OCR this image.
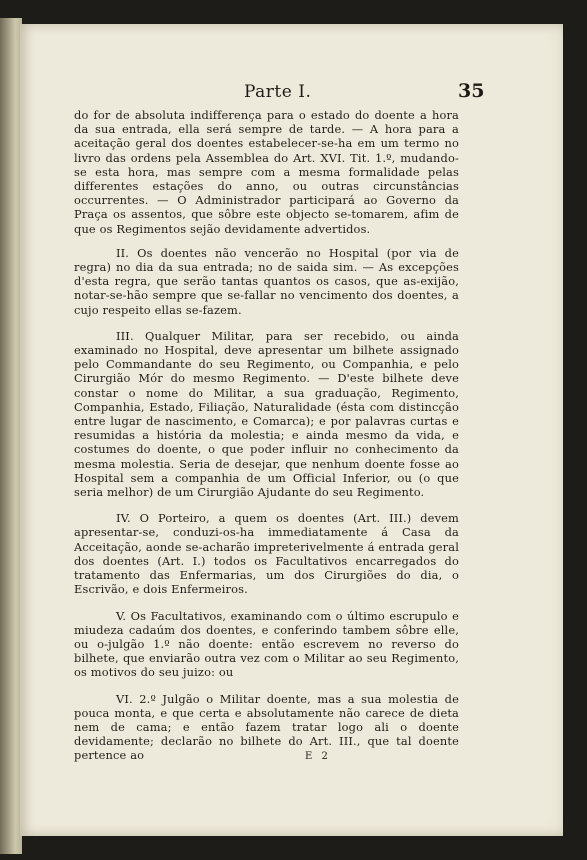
Parte I.	35

do for de absoluta indifferença para o estado do doente a hora da sua entrada, ella será sempre de tarde. — A hora para a aceitação geral dos doentes estabelecer-se-ha em um termo no livro das ordens pela Assemblea do Art. XVI. Tit. 1.º, mudando-se esta hora, mas sempre com a mesma formalidade pelas differentes estações do anno, ou outras circunstâncias occurrentes. — O Administrador participará ao Governo da Praça os assentos, que sôbre este objecto se-tomarem, afim de que os Regimentos sejão devidamente advertidos.

II. Os doentes não vencerão no Hospital (por via de regra) no dia da sua entrada; no de saida sim. — As excepções d'esta regra, que serão tantas quantos os casos, que as-exijão, notar-se-hão sempre que se-fallar no vencimento dos doentes, a cujo respeito ellas se-fazem.

III. Qualquer Militar, para ser recebido, ou ainda examinado no Hospital, deve apresentar um bilhete assignado pelo Commandante do seu Regimento, ou Companhia, e pelo Cirurgião Mór do mesmo Regimento. — D'este bilhete deve constar o nome do Militar, a sua graduação, Regimento, Companhia, Estado, Filiação, Naturalidade (ésta com distincção entre lugar de nascimento, e Comarca); e por palavras curtas e resumidas a história da molestia; e ainda mesmo da vida, e costumes do doente, o que poder influir no conhecimento da mesma molestia. Seria de desejar, que nenhum doente fosse ao Hospital sem a companhia de um Official Inferior, ou (o que seria melhor) de um Cirurgião Ajudante do seu Regimento.

IV. O Porteiro, a quem os doentes (Art. III.) devem apresentar-se, conduzi-os-ha immediatamente á Casa da Acceitação, aonde se-acharão impreterivelmente á entrada geral dos doentes (Art. I.) todos os Facultativos encarregados do tratamento das Enfermarias, um dos Cirurgiões do dia, o Escrivão, e dois Enfermeiros.

V. Os Facultativos, examinando com o último escrupulo e miudeza cadaúm dos doentes, e conferindo tambem sôbre elle, ou o-julgão 1.º não doente: então escrevem no reverso do bilhete, que enviarão outra vez com o Militar ao seu Regimento, os motivos do seu juizo: ou

VI. 2.º Julgão o Militar doente, mas a sua molestia de pouca monta, e que certa e absolutamente não carece de dieta nem de cama; e então fazem tratar logo ali o doente devidamente; declarão no bilhete do Art. III., que tal doente pertence ao	E 2
